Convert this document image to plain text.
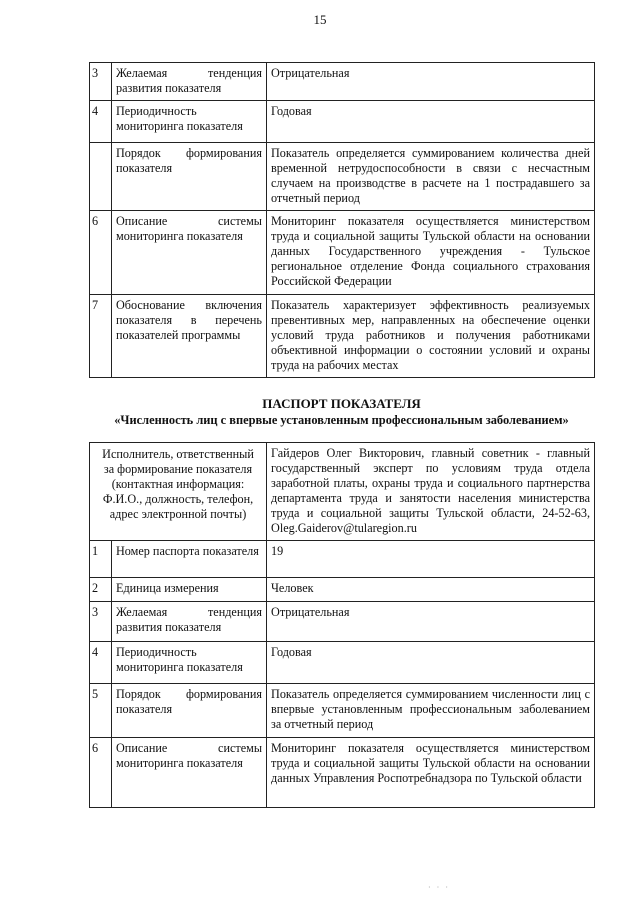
15
3	Желаемая тенденция развития показателя	Отрицательная
4	Периодичность мониторинга показателя	Годовая
	Порядок формирования показателя	Показатель определяется суммированием количества дней временной нетрудоспособности в связи с несчастным случаем на производстве в расчете на 1 пострадавшего за отчетный период
6	Описание системы мониторинга показателя	Мониторинг показателя осуществляется министерством труда и социальной защиты Тульской области на основании данных Государственного учреждения - Тульское региональное отделение Фонда социального страхования Российской Федерации
7	Обоснование включения показателя в перечень показателей программы	Показатель характеризует эффективность реализуемых превентивных мер, направленных на обеспечение оценки условий труда работников и получения работниками объективной информации о состоянии условий и охраны труда на рабочих местах
ПАСПОРТ ПОКАЗАТЕЛЯ
«Численность лиц с впервые установленным профессиональным заболеванием»
Исполнитель, ответственный за формирование показателя (контактная информация: Ф.И.О., должность, телефон, адрес электронной почты)		Гайдеров Олег Викторович, главный советник - главный государственный эксперт по условиям труда отдела заработной платы, охраны труда и социального партнерства департамента труда и занятости населения министерства труда и социальной защиты Тульской области, 24-52-63, Oleg.Gaiderov@tularegion.ru
1	Номер паспорта показателя	19
2	Единица измерения	Человек
3	Желаемая тенденция развития показателя	Отрицательная
4	Периодичность мониторинга показателя	Годовая
5	Порядок формирования показателя	Показатель определяется суммированием численности лиц с впервые установленным профессиональным заболеванием за отчетный период
6	Описание системы мониторинга показателя	Мониторинг показателя осуществляется министерством труда и социальной защиты Тульской области на основании данных Управления Роспотребнадзора по Тульской области
· · ·
